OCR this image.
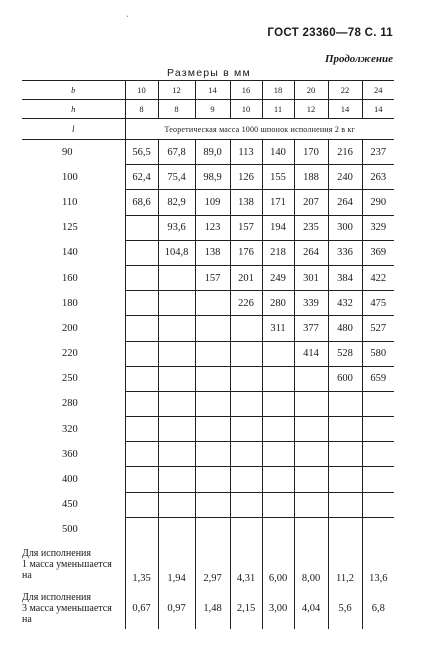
ГОСТ 23360—78 С. 11
Продолжение
Размеры в мм
ˎ
b	10	12	14	16	18	20	22	24
h	8	8	9	10	11	12	14	14
l	Теоретическая масса 1000 шпонок исполнения 2 в кг							
90	56,5	67,8	89,0	113	140	170	216	237
100	62,4	75,4	98,9	126	155	188	240	263
110	68,6	82,9	109	138	171	207	264	290
125		93,6	123	157	194	235	300	329
140		104,8	138	176	218	264	336	369
160			157	201	249	301	384	422
180				226	280	339	432	475
200					311	377	480	527
220						414	528	580
250							600	659
280								
320								
360								
400								
450								
500								
Для исполнения
1 масса уменьшается
на	1,35	1,94	2,97	4,31	6,00	8,00	11,2	13,6
Для исполнения
3 масса уменьшается
на	0,67	0,97	1,48	2,15	3,00	4,04	5,6	6,8
